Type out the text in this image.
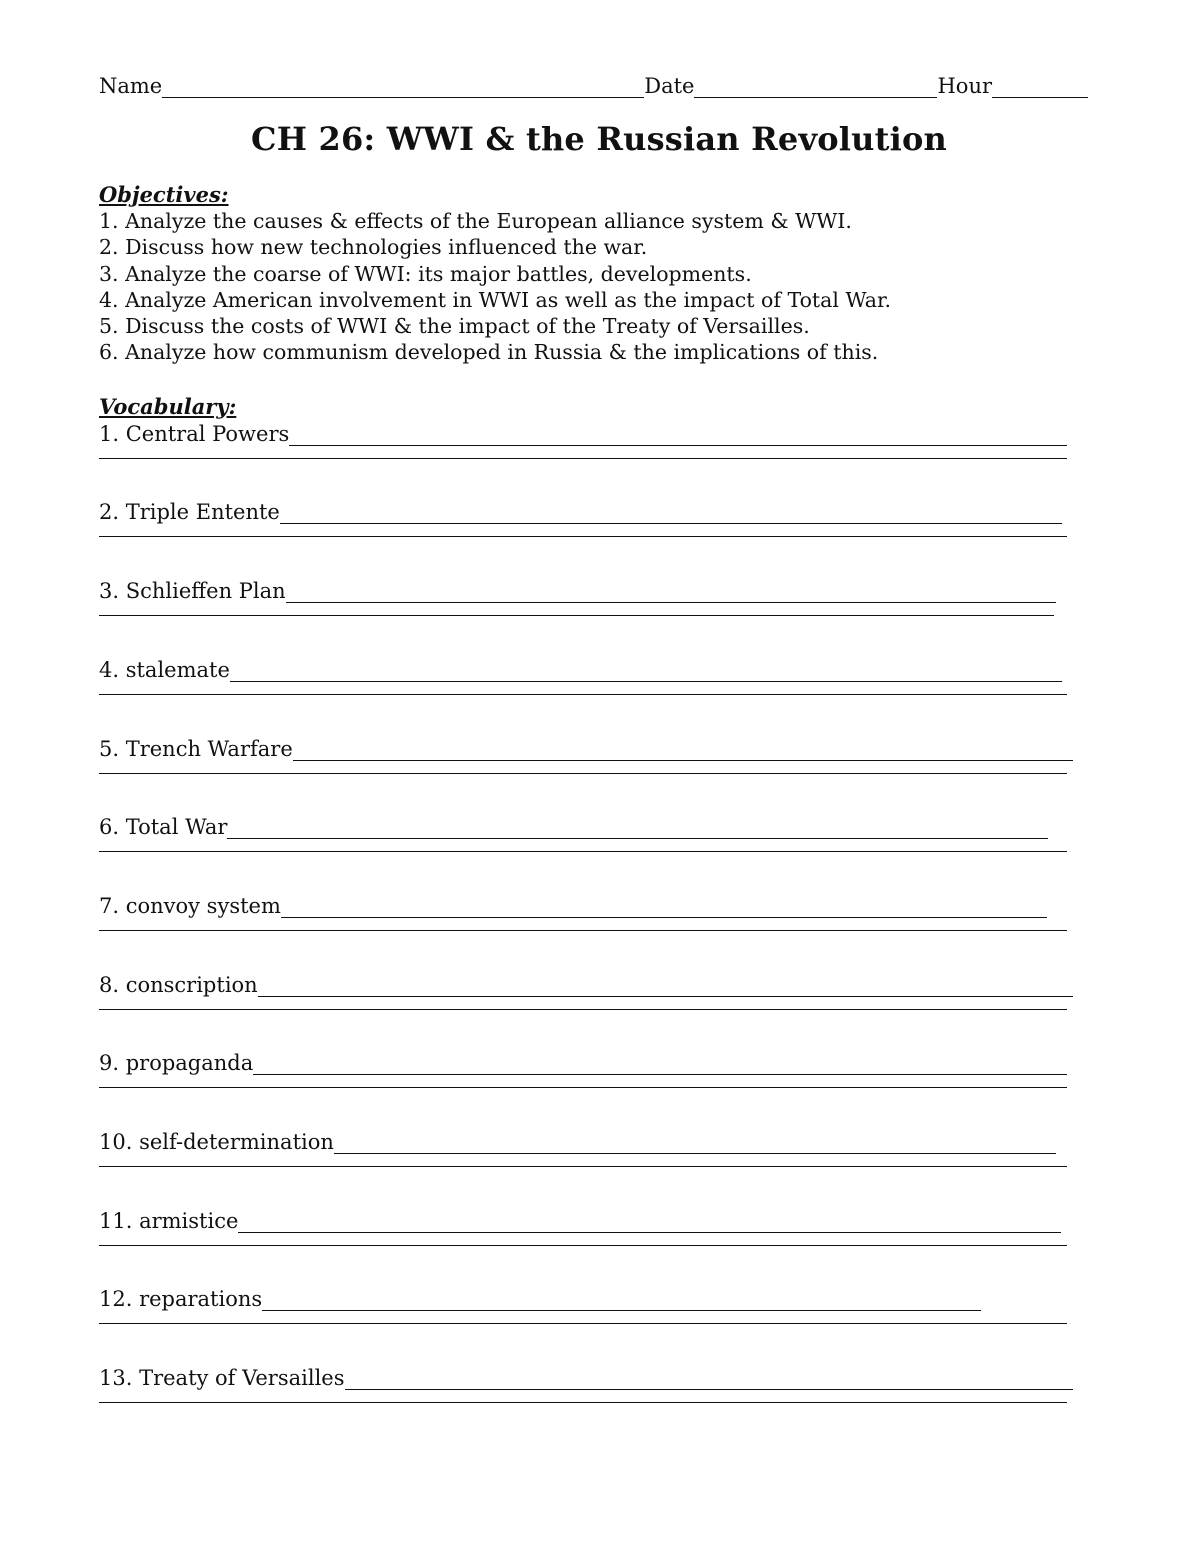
Name	Date	Hour
CH 26: WWI & the Russian Revolution
Objectives:
1. Analyze the causes & effects of the European alliance system & WWI.
2. Discuss how new technologies influenced the war.
3. Analyze the coarse of WWI: its major battles, developments.
4. Analyze American involvement in WWI as well as the impact of Total War.
5. Discuss the costs of WWI & the impact of the Treaty of Versailles.
6. Analyze how communism developed in Russia & the implications of this.
Vocabulary:
1. Central Powers
2. Triple Entente
3. Schlieffen Plan
4. stalemate
5. Trench Warfare
6. Total War
7. convoy system
8. conscription
9. propaganda
10. self-determination
11. armistice
12. reparations
13. Treaty of Versailles
